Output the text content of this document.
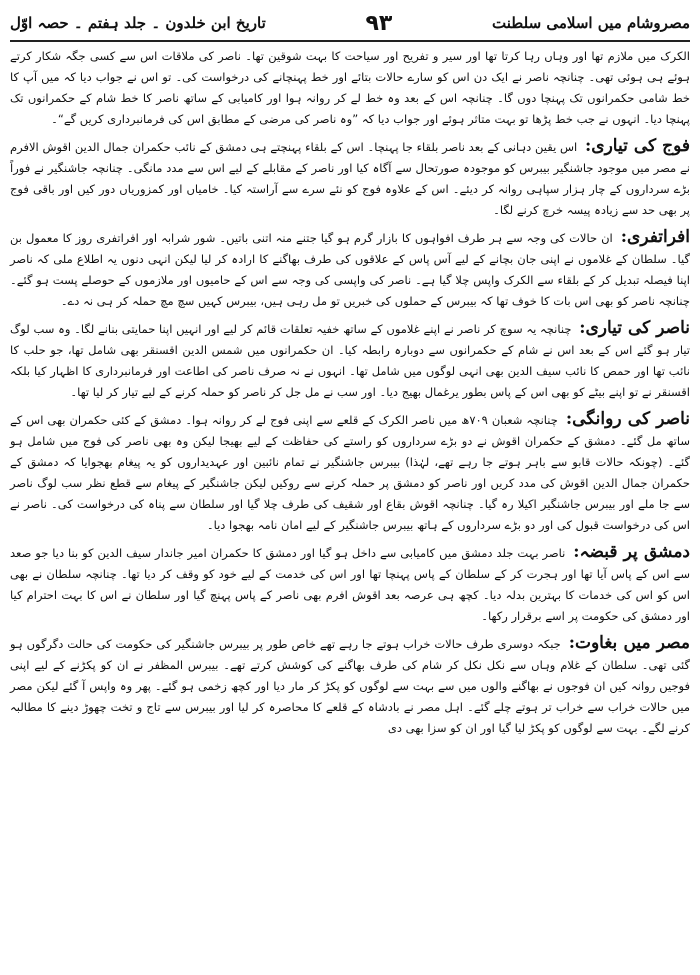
مصروشام میں اسلامی سلطنت
۹۳
تاریخ ابن خلدون ۔ جلد ہفتم ۔ حصہ اوّل

الکرک میں ملازم تھا اور وہاں رہا کرتا تھا اور سیر و تفریح اور سیاحت کا بہت شوقین تھا۔ ناصر کی ملاقات اس سے کسی جگہ شکار کرتے ہوئے ہی ہوئی تھی۔ چنانچہ ناصر نے ایک دن اس کو سارے حالات بتائے اور خط پہنچانے کی درخواست کی۔ تو اس نے جواب دیا کہ میں آپ کا خط شامی حکمرانوں تک پہنچا دوں گا۔ چنانچہ اس کے بعد وہ خط لے کر روانہ ہوا اور کامیابی کے ساتھ ناصر کا خط شام کے حکمرانوں تک پہنچا دیا۔ انہوں نے جب خط پڑھا تو بہت متاثر ہوئے اور جواب دیا کہ ”وہ ناصر کی مرضی کے مطابق اس کی فرمانبرداری کریں گے“۔

فوج کی تیاری: اس یقین دہانی کے بعد ناصر بلقاء جا پہنچا۔ اس کے بلقاء پہنچتے ہی دمشق کے نائب حکمران جمال الدین اقوش الافرم نے مصر میں موجود جاشنگیر بیبرس کو موجودہ صورتحال سے آگاہ کیا اور ناصر کے مقابلے کے لیے اس سے مدد مانگی۔ چنانچہ جاشنگیر نے فوراً بڑے سرداروں کے چار ہزار سپاہی روانہ کر دیئے۔ اس کے علاوہ فوج کو نئے سرے سے آراستہ کیا۔ خامیاں اور کمزوریاں دور کیں اور باقی فوج پر بھی حد سے زیادہ پیسہ خرچ کرنے لگا۔

افراتفری: ان حالات کی وجہ سے ہر طرف افواہوں کا بازار گرم ہو گیا جتنے منہ اتنی باتیں۔ شور شرابہ اور افراتفری روز کا معمول بن گیا۔ سلطان کے غلاموں نے اپنی جان بچانے کے لیے آس پاس کے علاقوں کی طرف بھاگنے کا ارادہ کر لیا لیکن انہی دنوں یہ اطلاع ملی کہ ناصر اپنا فیصلہ تبدیل کر کے بلقاء سے الکرک واپس چلا گیا ہے۔ ناصر کی واپسی کی وجہ سے اس کے حامیوں اور ملازموں کے حوصلے پست ہو گئے۔ چنانچہ ناصر کو بھی اس بات کا خوف تھا کہ بیبرس کے حملوں کی خبریں تو مل رہی ہیں، بیبرس کہیں سچ مچ حملہ کر ہی نہ دے۔

ناصر کی تیاری: چنانچہ یہ سوچ کر ناصر نے اپنے غلاموں کے ساتھ خفیہ تعلقات قائم کر لیے اور انہیں اپنا حمایتی بنانے لگا۔ وہ سب لوگ تیار ہو گئے اس کے بعد اس نے شام کے حکمرانوں سے دوبارہ رابطہ کیا۔ ان حکمرانوں میں شمس الدین اقسنقر بھی شامل تھا، جو حلب کا نائب تھا اور حمص کا نائب سیف الدین بھی انہی لوگوں میں شامل تھا۔ انہوں نے نہ صرف ناصر کی اطاعت اور فرمانبرداری کا اظہار کیا بلکہ اقسنقر نے تو اپنے بیٹے کو بھی اس کے پاس بطور یرغمال بھیج دیا۔ اور سب نے مل جل کر ناصر کو حملہ کرنے کے لیے تیار کر لیا تھا۔

ناصر کی روانگی: چنانچہ شعبان ۷۰۹ھ میں ناصر الکرک کے قلعے سے اپنی فوج لے کر روانہ ہوا۔ دمشق کے کئی حکمران بھی اس کے ساتھ مل گئے۔ دمشق کے حکمران اقوش نے دو بڑے سرداروں کو راستے کی حفاظت کے لیے بھیجا لیکن وہ بھی ناصر کی فوج میں شامل ہو گئے۔ (چونکہ حالات قابو سے باہر ہوتے جا رہے تھے، لہٰذا) بیبرس جاشنگیر نے تمام نائبین اور عہدیداروں کو یہ پیغام بھجوایا کہ دمشق کے حکمران جمال الدین اقوش کی مدد کریں اور ناصر کو دمشق پر حملہ کرنے سے روکیں لیکن جاشنگیر کے پیغام سے قطع نظر سب لوگ ناصر سے جا ملے اور بیبرس جاشنگیر اکیلا رہ گیا۔ چنانچہ اقوش بقاع اور شقیف کی طرف چلا گیا اور سلطان سے پناہ کی درخواست کی۔ ناصر نے اس کی درخواست قبول کی اور دو بڑے سرداروں کے ہاتھ بیبرس جاشنگیر کے لیے امان نامہ بھجوا دیا۔

دمشق پر قبضہ: ناصر بہت جلد دمشق میں کامیابی سے داخل ہو گیا اور دمشق کا حکمران امیر جاندار سیف الدین کو بنا دیا جو صعد سے اس کے پاس آیا تھا اور ہجرت کر کے سلطان کے پاس پہنچا تھا اور اس کی خدمت کے لیے خود کو وقف کر دیا تھا۔ چنانچہ سلطان نے بھی اس کو اس کی خدمات کا بہترین بدلہ دیا۔ کچھ ہی عرصہ بعد اقوش افرم بھی ناصر کے پاس پہنچ گیا اور سلطان نے اس کا بہت احترام کیا اور دمشق کی حکومت پر اسے برقرار رکھا۔

مصر میں بغاوت: جبکہ دوسری طرف حالات خراب ہوتے جا رہے تھے خاص طور پر بیبرس جاشنگیر کی حکومت کی حالت دگرگوں ہو گئی تھی۔ سلطان کے غلام وہاں سے نکل نکل کر شام کی طرف بھاگنے کی کوشش کرتے تھے۔ بیبرس المظفر نے ان کو پکڑنے کے لیے اپنی فوجیں روانہ کیں ان فوجوں نے بھاگنے والوں میں سے بہت سے لوگوں کو پکڑ کر مار دیا اور کچھ زخمی ہو گئے۔ پھر وہ واپس آ گئے لیکن مصر میں حالات خراب سے خراب تر ہوتے چلے گئے۔ اہل مصر نے بادشاہ کے قلعے کا محاصرہ کر لیا اور بیبرس سے تاج و تخت چھوڑ دینے کا مطالبہ کرنے لگے۔ بہت سے لوگوں کو پکڑ لیا گیا اور ان کو سزا بھی دی
